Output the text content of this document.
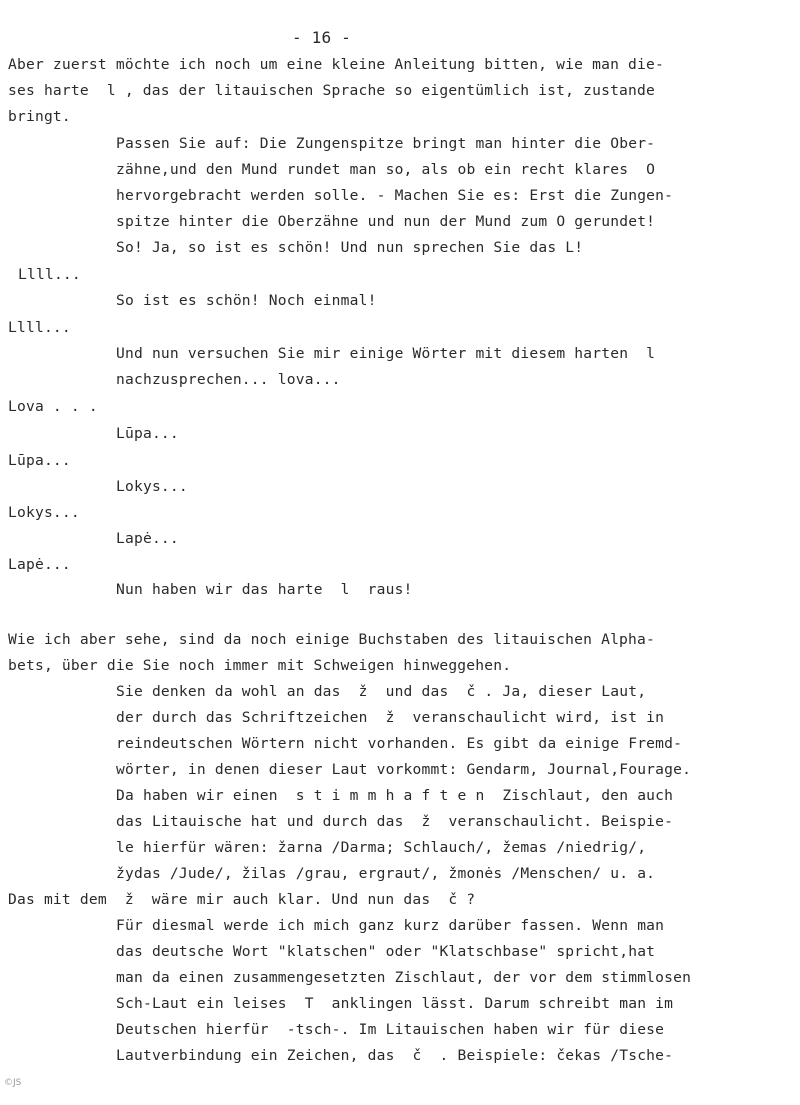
- 16 -
Aber zuerst möchte ich noch um eine kleine Anleitung bitten, wie man die-
ses harte  l , das der litauischen Sprache so eigentümlich ist, zustande
bringt.
Passen Sie auf: Die Zungenspitze bringt man hinter die Ober-
zähne,und den Mund rundet man so, als ob ein recht klares  O
hervorgebracht werden solle. - Machen Sie es: Erst die Zungen-
spitze hinter die Oberzähne und nun der Mund zum O gerundet!
So! Ja, so ist es schön! Und nun sprechen Sie das L!
Llll...
So ist es schön! Noch einmal!
Llll...
Und nun versuchen Sie mir einige Wörter mit diesem harten  l
nachzusprechen... lova...
Lova . . .
Lūpa...
Lūpa...
Lokys...
Lokys...
Lapė...
Lapė...
Nun haben wir das harte  l  raus!
Wie ich aber sehe, sind da noch einige Buchstaben des litauischen Alpha-
bets, über die Sie noch immer mit Schweigen hinweggehen.
Sie denken da wohl an das  ž  und das  č . Ja, dieser Laut,
der durch das Schriftzeichen  ž  veranschaulicht wird, ist in
reindeutschen Wörtern nicht vorhanden. Es gibt da einige Fremd-
wörter, in denen dieser Laut vorkommt: Gendarm, Journal,Fourage.
Da haben wir einen  s t i m m h a f t e n  Zischlaut, den auch
das Litauische hat und durch das  ž  veranschaulicht. Beispie-
le hierfür wären: žarna /Darma; Schlauch/, žemas /niedrig/,
žydas /Jude/, žilas /grau, ergraut/, žmonės /Menschen/ u. a.
Das mit dem  ž  wäre mir auch klar. Und nun das  č ?
Für diesmal werde ich mich ganz kurz darüber fassen. Wenn man
das deutsche Wort "klatschen" oder "Klatschbase" spricht,hat
man da einen zusammengesetzten Zischlaut, der vor dem stimmlosen
Sch-Laut ein leises  T  anklingen lässt. Darum schreibt man im
Deutschen hierfür  -tsch-. Im Litauischen haben wir für diese
Lautverbindung ein Zeichen, das  č  . Beispiele: čekas /Tsche-
©JS
